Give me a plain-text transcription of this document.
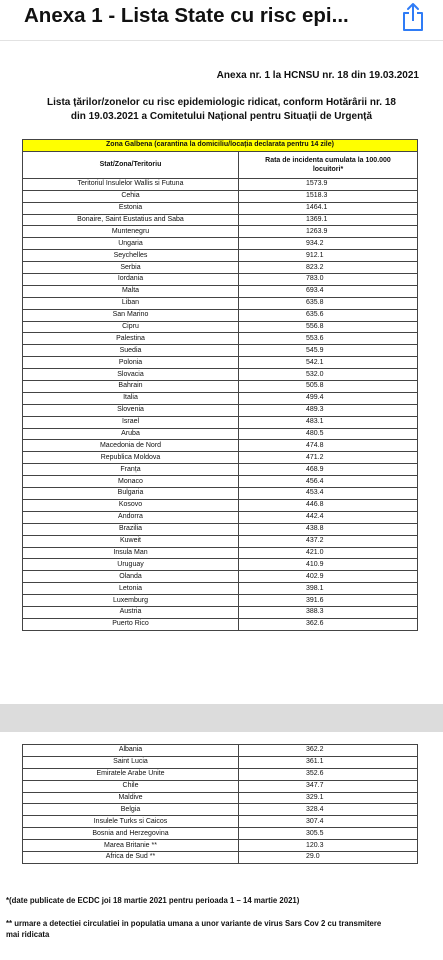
Anexa 1 - Lista State cu risc epi...
Anexa nr. 1 la HCNSU nr. 18 din 19.03.2021
Lista țărilor/zonelor cu risc epidemiologic ridicat, conform Hotărârii nr. 18
din 19.03.2021 a Comitetului Național pentru Situații de Urgență
Zona Galbena (carantina la domiciliu/locația declarata pentru 14 zile)	
Stat/Zona/Teritoriu	Rata de incidenta cumulata la 100.000 locuitori*
Teritoriul Insulelor Wallis si Futuna	1573.9
Cehia	1518.3
Estonia	1464.1
Bonaire, Saint Eustatius and Saba	1369.1
Muntenegru	1263.9
Ungaria	934.2
Seychelles	912.1
Serbia	823.2
Iordania	783.0
Malta	693.4
Liban	635.8
San Marino	635.6
Cipru	556.8
Palestina	553.6
Suedia	545.9
Polonia	542.1
Slovacia	532.0
Bahrain	505.8
Italia	499.4
Slovenia	489.3
Israel	483.1
Aruba	480.5
Macedonia de Nord	474.8
Republica Moldova	471.2
Franța	468.9
Monaco	456.4
Bulgaria	453.4
Kosovo	446.8
Andorra	442.4
Brazilia	438.8
Kuweit	437.2
Insula Man	421.0
Uruguay	410.9
Olanda	402.9
Letonia	398.1
Luxemburg	391.6
Austria	388.3
Puerto Rico	362.6
Albania	362.2
Saint Lucia	361.1
Emiratele Arabe Unite	352.6
Chile	347.7
Maldive	329.1
Belgia	328.4
Insulele Turks si Caicos	307.4
Bosnia and Herzegovina	305.5
Marea Britanie **	120.3
Africa de Sud **	29.0
*(date publicate de ECDC joi 18 martie 2021 pentru perioada 1 – 14 martie 2021)
** urmare a detectiei circulatiei in populatia umana a unor variante de virus Sars Cov 2 cu transmitere
mai ridicata
